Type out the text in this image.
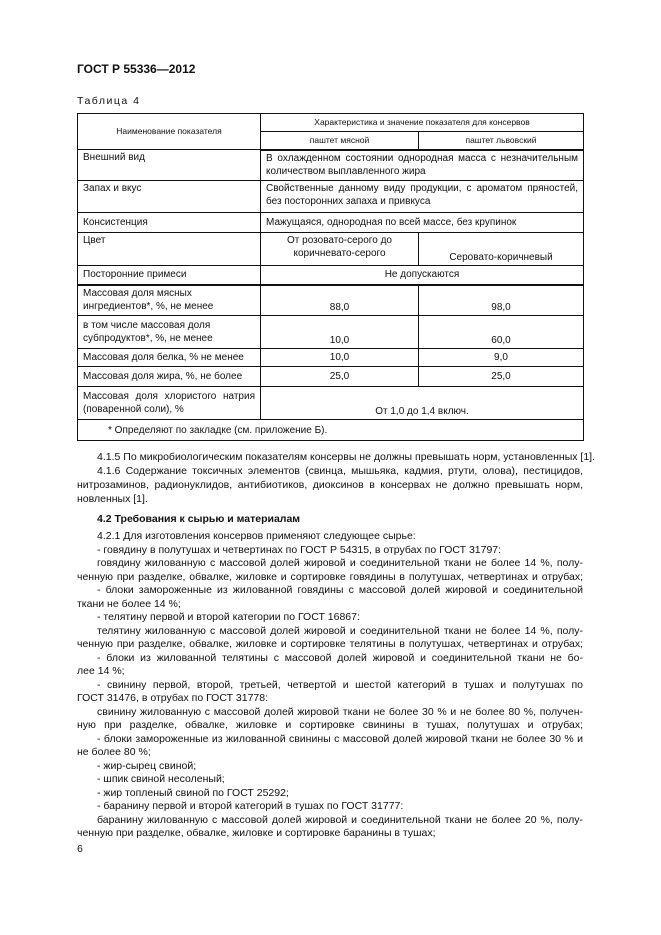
ГОСТ Р 55336—2012
Таблица 4
Наименование показателя	Характеристика и значение показателя для консервов	
	паштет мясной	паштет львовский
Внешний вид	В охлажденном состоянии однородная масса с незначительным количеством выплавленного жира	
Запах и вкус	Свойственные данному виду продукции, с ароматом пряностей, без посторонних запаха и привкуса	
Консистенция	Мажущаяся, однородная по всей массе, без крупинок	
Цвет	От розовато-серого до коричневато-серого	Серовато-коричневый
Посторонние примеси	Не допускаются	
Массовая доля мясных ингредиентов*, %, не менее	88,0	98,0
в том числе массовая доля субпродуктов*, %, не менее	10,0	60,0
Массовая доля белка, % не менее	10,0	9,0
Массовая доля жира, %, не более	25,0	25,0
Массовая доля хлористого натрия (поваренной соли), %	От 1,0 до 1,4 включ.	
* Определяют по закладке (см. приложение Б).		
4.1.5 По микробиологическим показателям консервы не должны превышать норм, установленных [1].
4.1.6 Содержание токсичных элементов (свинца, мышьяка, кадмия, ртути, олова), пестицидов,
нитрозаминов, радионуклидов, антибиотиков, диоксинов в консервах не должно превышать норм,
новленных [1].
4.2 Требования к сырью и материалам
4.2.1 Для изготовления консервов применяют следующее сырье:
- говядину в полутушах и четвертинах по ГОСТ Р 54315, в отрубах по ГОСТ 31797:
говядину жилованную с массовой долей жировой и соединительной ткани не более 14 %, полу-
ченную при разделке, обвалке, жиловке и сортировке говядины в полутушах, четвертинах и отрубах;
- блоки замороженные из жилованной говядины с массовой долей жировой и соединительной
ткани не более 14 %;
- телятину первой и второй категории по ГОСТ 16867:
телятину жилованную с массовой долей жировой и соединительной ткани не более 14 %, полу-
ченную при разделке, обвалке, жиловке и сортировке телятины в полутушах, четвертинах и отрубах;
- блоки из жилованной телятины с массовой долей жировой и соединительной ткани не бо-
лее 14 %;
- свинину первой, второй, третьей, четвертой и шестой категорий в тушах и полутушах по
ГОСТ 31476, в отрубах по ГОСТ 31778:
свинину жилованную с массовой долей жировой ткани не более 30 % и не более 80 %, получен-
ную при разделке, обвалке, жиловке и сортировке свинины в тушах, полутушах и отрубах;
- блоки замороженные из жилованной свинины с массовой долей жировой ткани не более 30 % и
не более 80 %;
- жир-сырец свиной;
- шпик свиной несоленый;
- жир топленый свиной по ГОСТ 25292;
- баранину первой и второй категорий в тушах по ГОСТ 31777:
баранину жилованную с массовой долей жировой и соединительной ткани не более 20 %, полу-
ченную при разделке, обвалке, жиловке и сортировке баранины в тушах;
6
